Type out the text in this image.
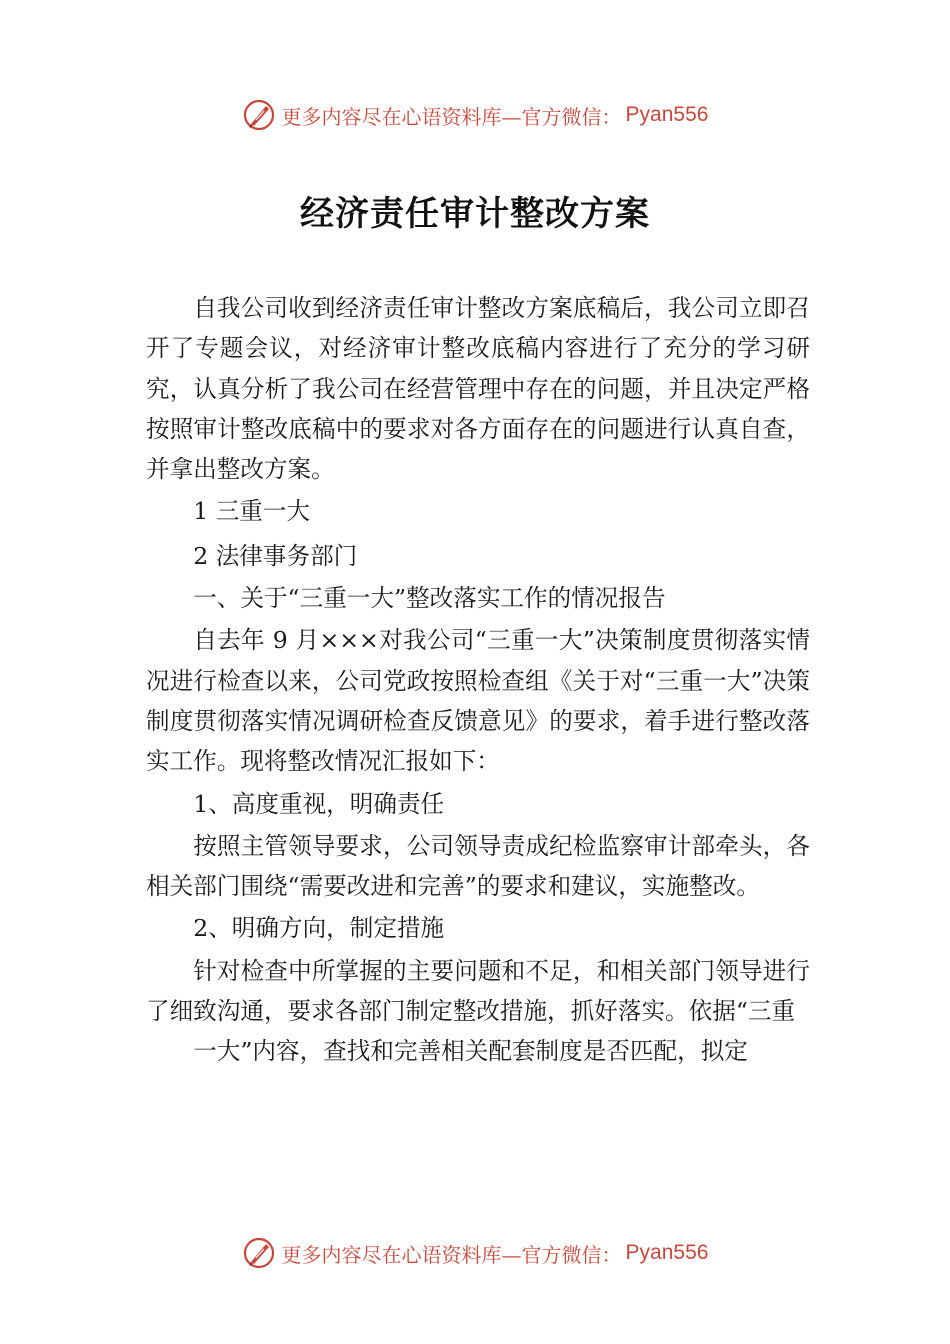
更多内容尽在心语资料库—官方微信： Pyan556
经济责任审计整改方案

自我公司收到经济责任审计整改方案底稿后，我公司立即召开了专题会议，对经济审计整改底稿内容进行了充分的学习研究，认真分析了我公司在经营管理中存在的问题，并且决定严格按照审计整改底稿中的要求对各方面存在的问题进行认真自查，并拿出整改方案。

1 三重一大

2 法律事务部门

一、关于“三重一大”整改落实工作的情况报告

自去年 9 月×××对我公司“三重一大”决策制度贯彻落实情况进行检查以来，公司党政按照检查组《关于对“三重一大”决策制度贯彻落实情况调研检查反馈意见》的要求，着手进行整改落实工作。现将整改情况汇报如下：

1、高度重视，明确责任

按照主管领导要求，公司领导责成纪检监察审计部牵头，各相关部门围绕“需要改进和完善”的要求和建议，实施整改。

2、明确方向，制定措施

针对检查中所掌握的主要问题和不足，和相关部门领导进行了细致沟通，要求各部门制定整改措施，抓好落实。依据“三重

一大”内容，查找和完善相关配套制度是否匹配，拟定

更多内容尽在心语资料库—官方微信： Pyan556
